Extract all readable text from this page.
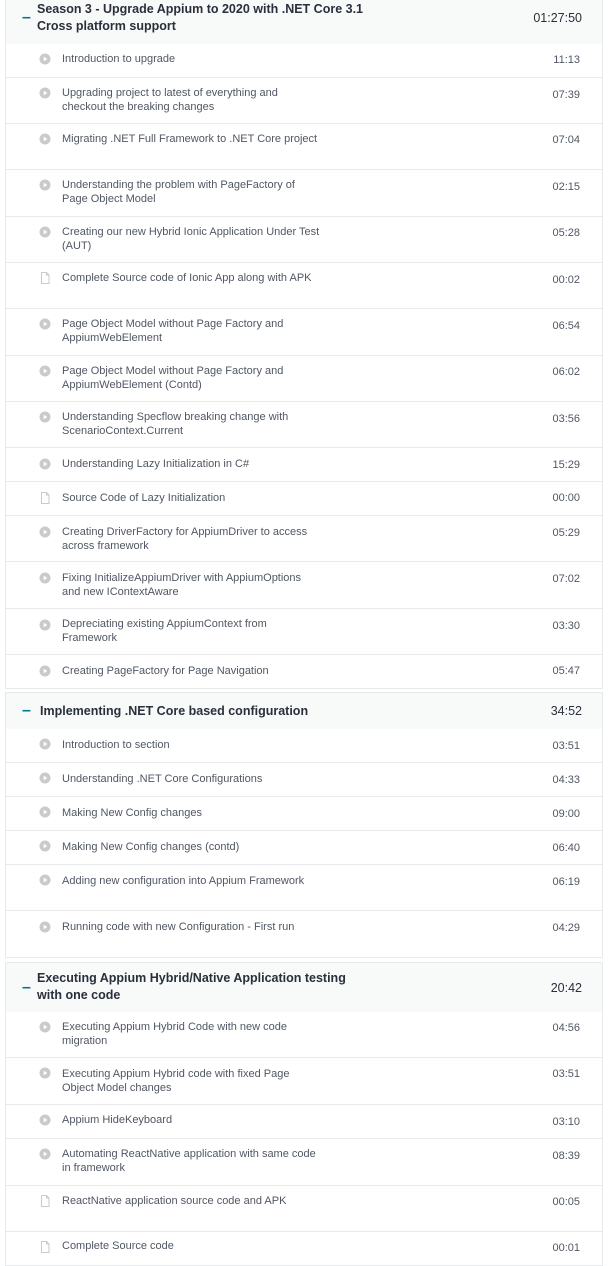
– Season 3 - Upgrade Appium to 2020 with .NET Core 3.1 Cross platform support
01:27:50
Introduction to upgrade	11:13
Upgrading project to latest of everything and checkout the breaking changes
07:39
Migrating .NET Full Framework to .NET Core project	07:04
Understanding the problem with PageFactory of Page Object Model
02:15
Creating our new Hybrid Ionic Application Under Test (AUT)
05:28
Complete Source code of Ionic App along with APK	00:02
Page Object Model without Page Factory and AppiumWebElement
06:54
Page Object Model without Page Factory and AppiumWebElement (Contd)
06:02
Understanding Specflow breaking change with ScenarioContext.Current
03:56
Understanding Lazy Initialization in C#	15:29
Source Code of Lazy Initialization	00:00
Creating DriverFactory for AppiumDriver to access across framework
05:29
Fixing InitializeAppiumDriver with AppiumOptions and new IContextAware
07:02
Depreciating existing AppiumContext from Framework
03:30
Creating PageFactory for Page Navigation	05:47
– Implementing .NET Core based configuration	34:52
Introduction to section	03:51
Understanding .NET Core Configurations	04:33
Making New Config changes	09:00
Making New Config changes (contd)	06:40
Adding new configuration into Appium Framework	06:19
Running code with new Configuration - First run	04:29
–
Executing Appium Hybrid/Native Application testing with one code	20:42
Executing Appium Hybrid Code with new code migration
04:56
Executing Appium Hybrid code with fixed Page Object Model changes
03:51
Appium HideKeyboard	03:10
Automating ReactNative application with same code in framework
08:39
ReactNative application source code and APK	00:05
Complete Source code	00:01
